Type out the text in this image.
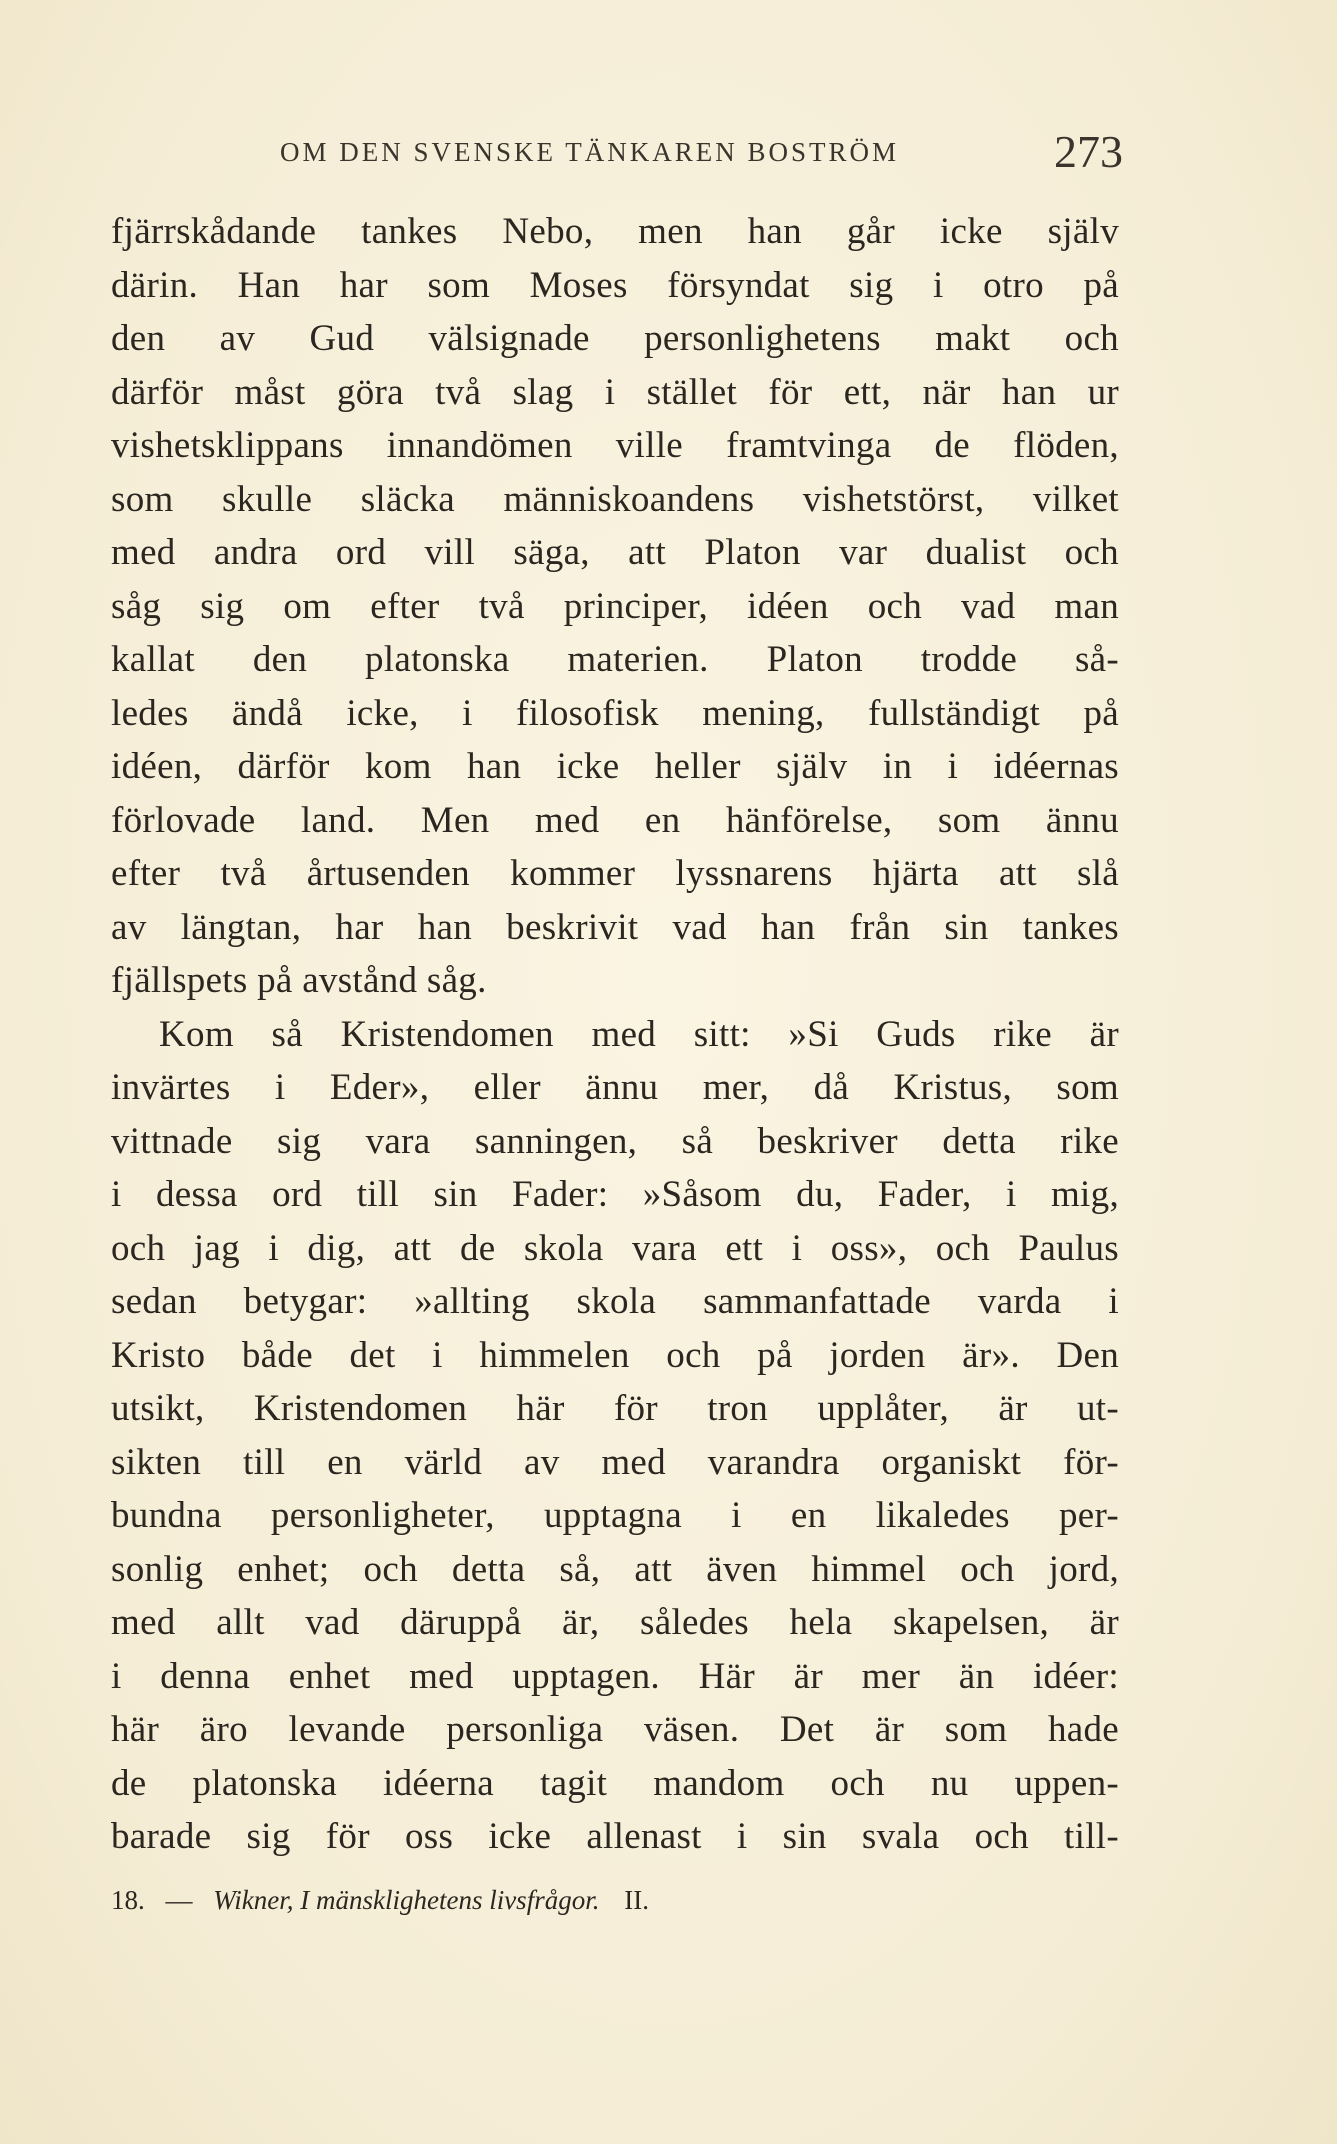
OM DEN SVENSKE TÄNKAREN BOSTRÖM	273
fjärrskådande tankes Nebo, men han går icke själv
därin. Han har som Moses försyndat sig i otro på
den av Gud välsignade personlighetens makt och
därför måst göra två slag i stället för ett, när han ur
vishetsklippans innandömen ville framtvinga de flöden,
som skulle släcka människoandens vishetstörst, vilket
med andra ord vill säga, att Platon var dualist och
såg sig om efter två principer, idéen och vad man
kallat den platonska materien. Platon trodde så-
ledes ändå icke, i filosofisk mening, fullständigt på
idéen, därför kom han icke heller själv in i idéernas
förlovade land. Men med en hänförelse, som ännu
efter två årtusenden kommer lyssnarens hjärta att slå
av längtan, har han beskrivit vad han från sin tankes
fjällspets på avstånd såg.
Kom så Kristendomen med sitt: »Si Guds rike är
invärtes i Eder», eller ännu mer, då Kristus, som
vittnade sig vara sanningen, så beskriver detta rike
i dessa ord till sin Fader: »Såsom du, Fader, i mig,
och jag i dig, att de skola vara ett i oss», och Paulus
sedan betygar: »allting skola sammanfattade varda i
Kristo både det i himmelen och på jorden är». Den
utsikt, Kristendomen här för tron upplåter, är ut-
sikten till en värld av med varandra organiskt för-
bundna personligheter, upptagna i en likaledes per-
sonlig enhet; och detta så, att även himmel och jord,
med allt vad däruppå är, således hela skapelsen, är
i denna enhet med upptagen. Här är mer än idéer:
här äro levande personliga väsen. Det är som hade
de platonska idéerna tagit mandom och nu uppen-
barade sig för oss icke allenast i sin svala och till-
18. — Wikner, I mänsklighetens livsfrågor. II.
